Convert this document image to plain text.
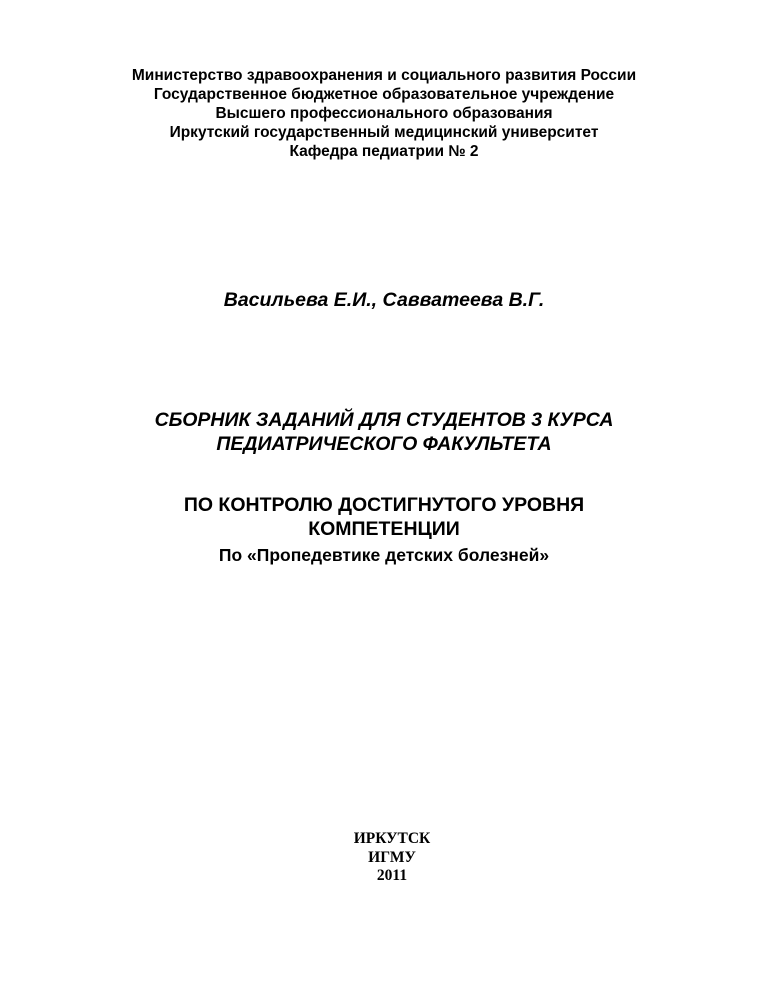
Министерство здравоохранения и социального развития России
Государственное бюджетное образовательное учреждение
Высшего профессионального образования
Иркутский государственный медицинский университет
Кафедра педиатрии № 2
Васильева Е.И., Савватеева В.Г.
СБОРНИК ЗАДАНИЙ ДЛЯ СТУДЕНТОВ 3 КУРСА
ПЕДИАТРИЧЕСКОГО ФАКУЛЬТЕТА
ПО КОНТРОЛЮ ДОСТИГНУТОГО УРОВНЯ
КОМПЕТЕНЦИИ
По «Пропедевтике детских болезней»
ИРКУТСК
ИГМУ
2011
